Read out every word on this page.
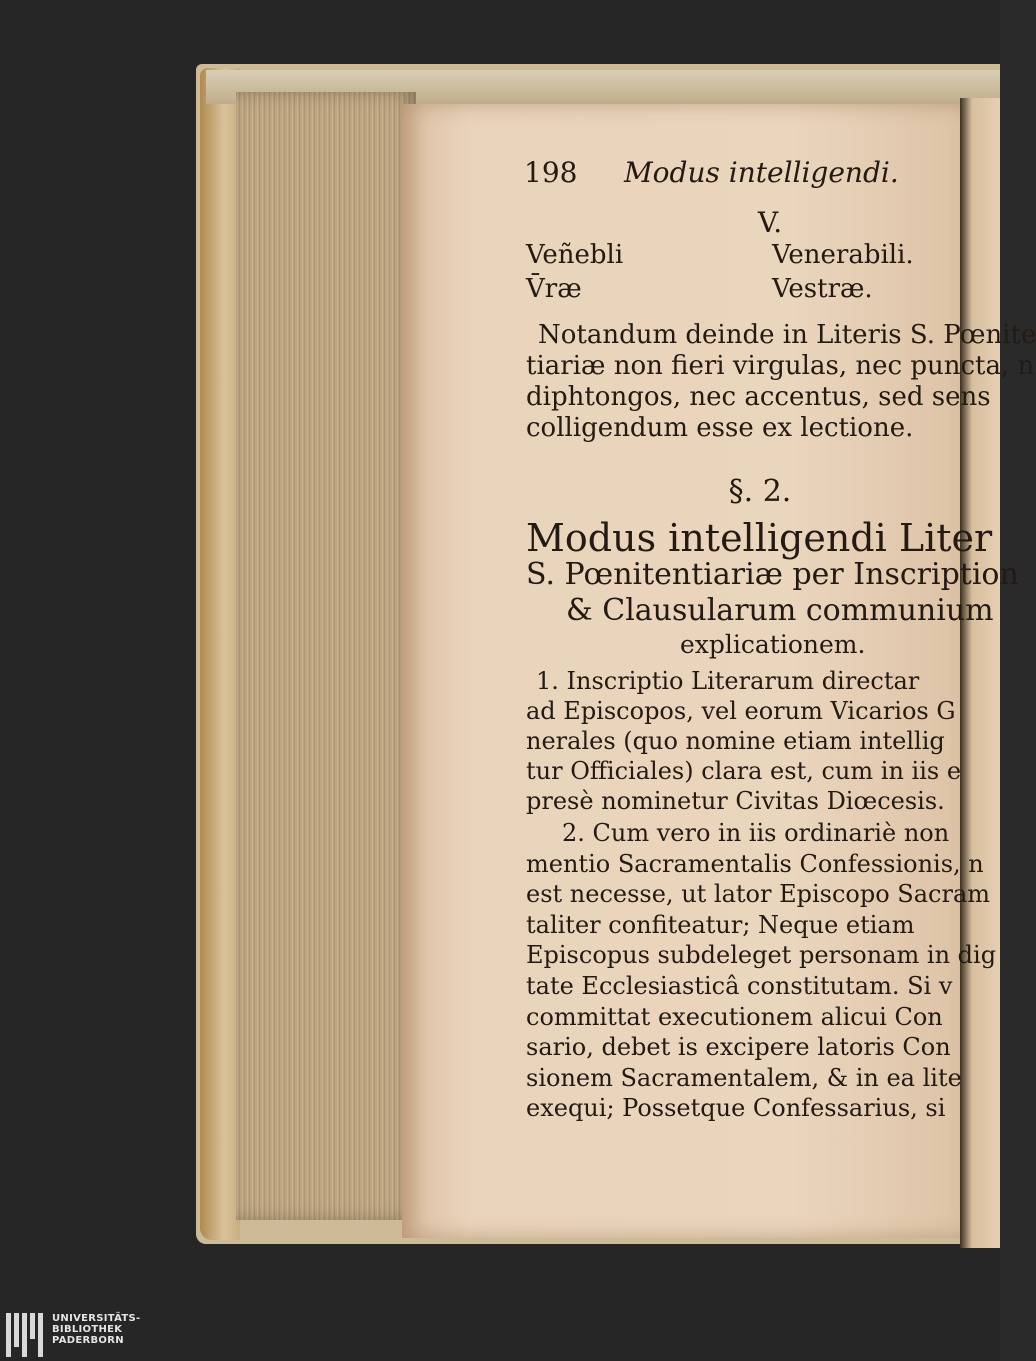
198 Modus intelligendi.
V.
Veñebli	Venerabili.
V̄ræ	Vestræ.
Notandum deinde in Literis S. Pœnite
tiariæ non fieri virgulas, nec puncta, n
diphtongos, nec accentus, sed sens
colligendum esse ex lectione.
§. 2.
Modus intelligendi Liter
S. Pœnitentiariæ per Inscription
& Clausularum communium
explicationem.
1. Inscriptio Literarum directar
ad Episcopos, vel eorum Vicarios G
nerales (quo nomine etiam intellig
tur Officiales) clara est, cum in iis e
presè nominetur Civitas Diœcesis.
2. Cum vero in iis ordinariè non
mentio Sacramentalis Confessionis, n
est necesse, ut lator Episcopo Sacram
taliter confiteatur; Neque etiam
Episcopus subdeleget personam in dig
tate Ecclesiasticâ constitutam. Si v
committat executionem alicui Con
sario, debet is excipere latoris Con
sionem Sacramentalem, & in ea lite
exequi; Possetque Confessarius, si
UNIVERSITÄTS-
BIBLIOTHEK
PADERBORN
